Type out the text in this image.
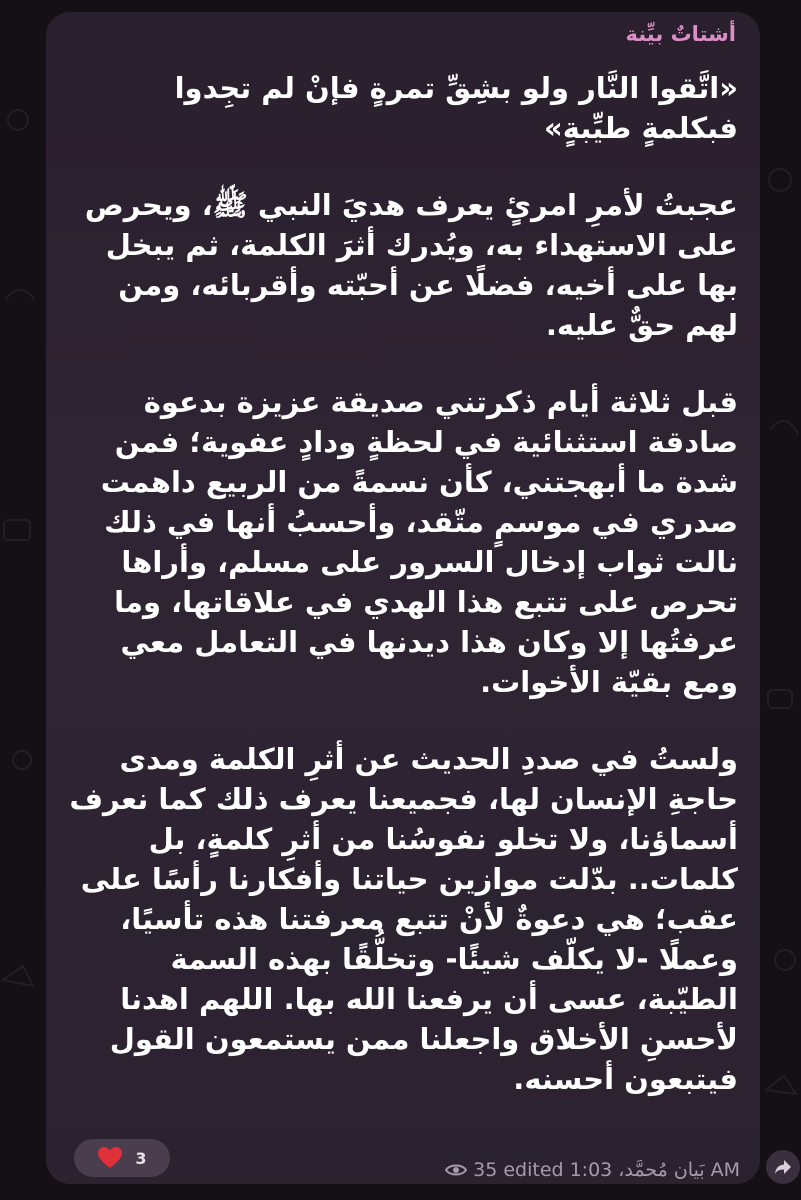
أشتاتٌ بيِّنة

«اتَّقوا النَّار ولو بشِقِّ تمرةٍ فإنْ لم تجِدوا فبكلمةٍ طيِّبةٍ»

عجبتُ لأمرِ امرئٍ يعرف هديَ النبي ﷺ، ويحرص على الاستهداء به، ويُدرك أثرَ الكلمة، ثم يبخل بها على أخيه، فضلًا عن أحبّته وأقربائه، ومن لهم حقٌّ عليه.

قبل ثلاثة أيام ذكرتني صديقة عزيزة بدعوة صادقة استثنائية في لحظةٍ ودادٍ عفوية؛ فمن شدة ما أبهجتني، كأن نسمةً من الربيع داهمت صدري في موسمٍ متّقد، وأحسبُ أنها في ذلك نالت ثواب إدخال السرور على مسلم، وأراها تحرص على تتبع هذا الهدي في علاقاتها، وما عرفتُها إلا وكان هذا ديدنها في التعامل معي ومع بقيّة الأخوات.

ولستُ في صددِ الحديث عن أثرِ الكلمة ومدى حاجةِ الإنسان لها، فجميعنا يعرف ذلك كما نعرف أسماؤنا، ولا تخلو نفوسُنا من أثرِ كلمةٍ، بل كلمات.. بدّلت موازين حياتنا وأفكارنا رأسًا على عقب؛ هي دعوةٌ لأنْ تتبع معرفتنا هذه تأسيًا، وعملًا -لا يكلّف شيئًا- وتخلُّقًا بهذه السمة الطيّبة، عسى أن يرفعنا الله بها. اللهم اهدنا لأحسنِ الأخلاق واجعلنا ممن يستمعون القول فيتبعون أحسنه.

3
35 edited 1:03 بَيان مُحمَّد، AM
